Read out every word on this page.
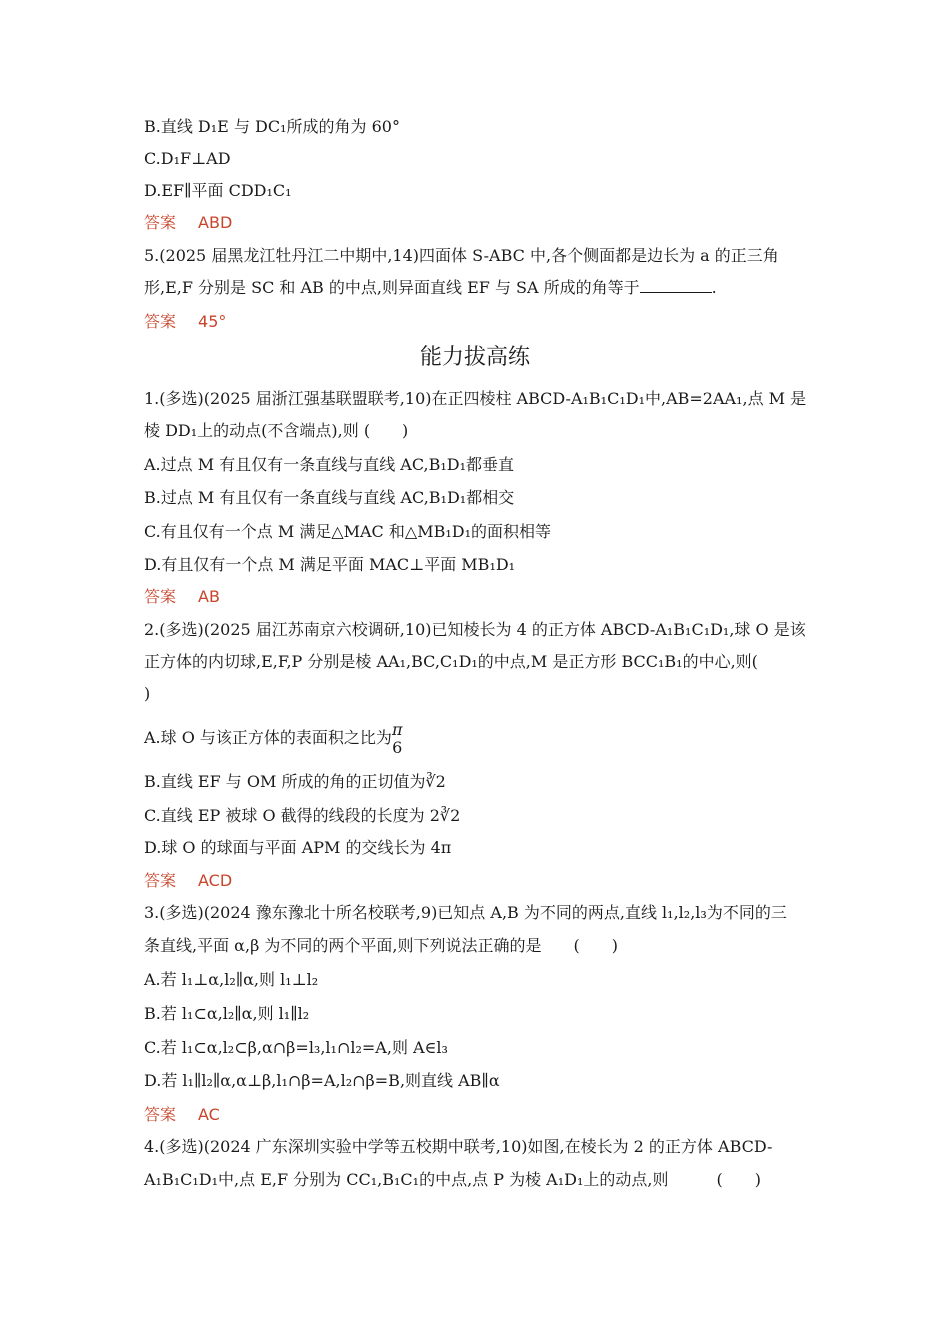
B.直线 D₁E 与 DC₁所成的角为 60°
C.D₁F⊥AD
D.EF∥平面 CDD₁C₁
答案 ABD
5.(2025 届黑龙江牡丹江二中期中,14)四面体 S-ABC 中,各个侧面都是边长为 a 的正三角
形,E,F 分别是 SC 和 AB 的中点,则异面直线 EF 与 SA 所成的角等于	.
答案 45°
能力拔高练
1.(多选)(2025 届浙江强基联盟联考,10)在正四棱柱 ABCD-A₁B₁C₁D₁中,AB=2AA₁,点 M 是
棱 DD₁上的动点(不含端点),则 (　　)
A.过点 M 有且仅有一条直线与直线 AC,B₁D₁都垂直
B.过点 M 有且仅有一条直线与直线 AC,B₁D₁都相交
C.有且仅有一个点 M 满足△MAC 和△MB₁D₁的面积相等
D.有且仅有一个点 M 满足平面 MAC⊥平面 MB₁D₁
答案 AB
2.(多选)(2025 届江苏南京六校调研,10)已知棱长为 4 的正方体 ABCD-A₁B₁C₁D₁,球 O 是该
正方体的内切球,E,F,P 分别是棱 AA₁,BC,C₁D₁的中点,M 是正方形 BCC₁B₁的中心,则(
)
A.球 O 与该正方体的表面积之比为 π
6
B.直线 EF 与 OM 所成的角的正切值为∛2
C.直线 EP 被球 O 截得的线段的长度为 2∛2
D.球 O 的球面与平面 APM 的交线长为 4π
答案 ACD
3.(多选)(2024 豫东豫北十所名校联考,9)已知点 A,B 为不同的两点,直线 l₁,l₂,l₃为不同的三
条直线,平面 α,β 为不同的两个平面,则下列说法正确的是　　(　　)
A.若 l₁⊥α,l₂∥α,则 l₁⊥l₂
B.若 l₁⊂α,l₂∥α,则 l₁∥l₂
C.若 l₁⊂α,l₂⊂β,α∩β=l₃,l₁∩l₂=A,则 A∈l₃
D.若 l₁∥l₂∥α,α⊥β,l₁∩β=A,l₂∩β=B,则直线 AB∥α
答案 AC
4.(多选)(2024 广东深圳实验中学等五校期中联考,10)如图,在棱长为 2 的正方体 ABCD-
A₁B₁C₁D₁中,点 E,F 分别为 CC₁,B₁C₁的中点,点 P 为棱 A₁D₁上的动点,则　　　(　　)
